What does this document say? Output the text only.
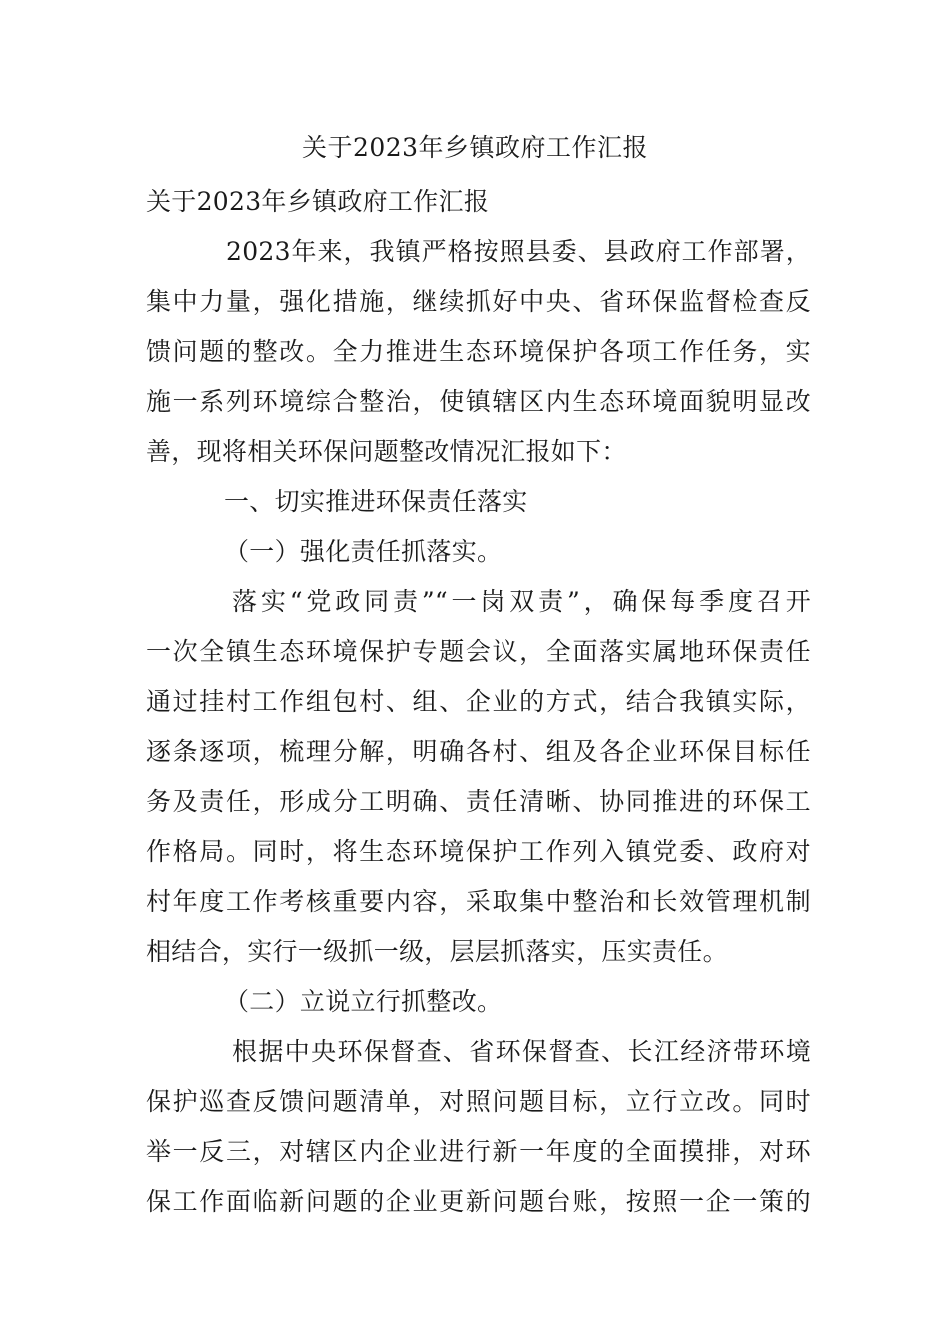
关于2023年乡镇政府工作汇报
关于2023年乡镇政府工作汇报
2023年来，我镇严格按照县委、县政府工作部署，
集中力量，强化措施，继续抓好中央、省环保监督检查反
馈问题的整改。全力推进生态环境保护各项工作任务，实
施一系列环境综合整治，使镇辖区内生态环境面貌明显改
善，现将相关环保问题整改情况汇报如下：
一、切实推进环保责任落实
（一）强化责任抓落实。
落实“党政同责”“一岗双责”，确保每季度召开
一次全镇生态环境保护专题会议，全面落实属地环保责任
通过挂村工作组包村、组、企业的方式，结合我镇实际，
逐条逐项，梳理分解，明确各村、组及各企业环保目标任
务及责任，形成分工明确、责任清晰、协同推进的环保工
作格局。同时，将生态环境保护工作列入镇党委、政府对
村年度工作考核重要内容，采取集中整治和长效管理机制
相结合，实行一级抓一级，层层抓落实，压实责任。
（二）立说立行抓整改。
根据中央环保督查、省环保督查、长江经济带环境
保护巡查反馈问题清单，对照问题目标，立行立改。同时
举一反三，对辖区内企业进行新一年度的全面摸排，对环
保工作面临新问题的企业更新问题台账，按照一企一策的
